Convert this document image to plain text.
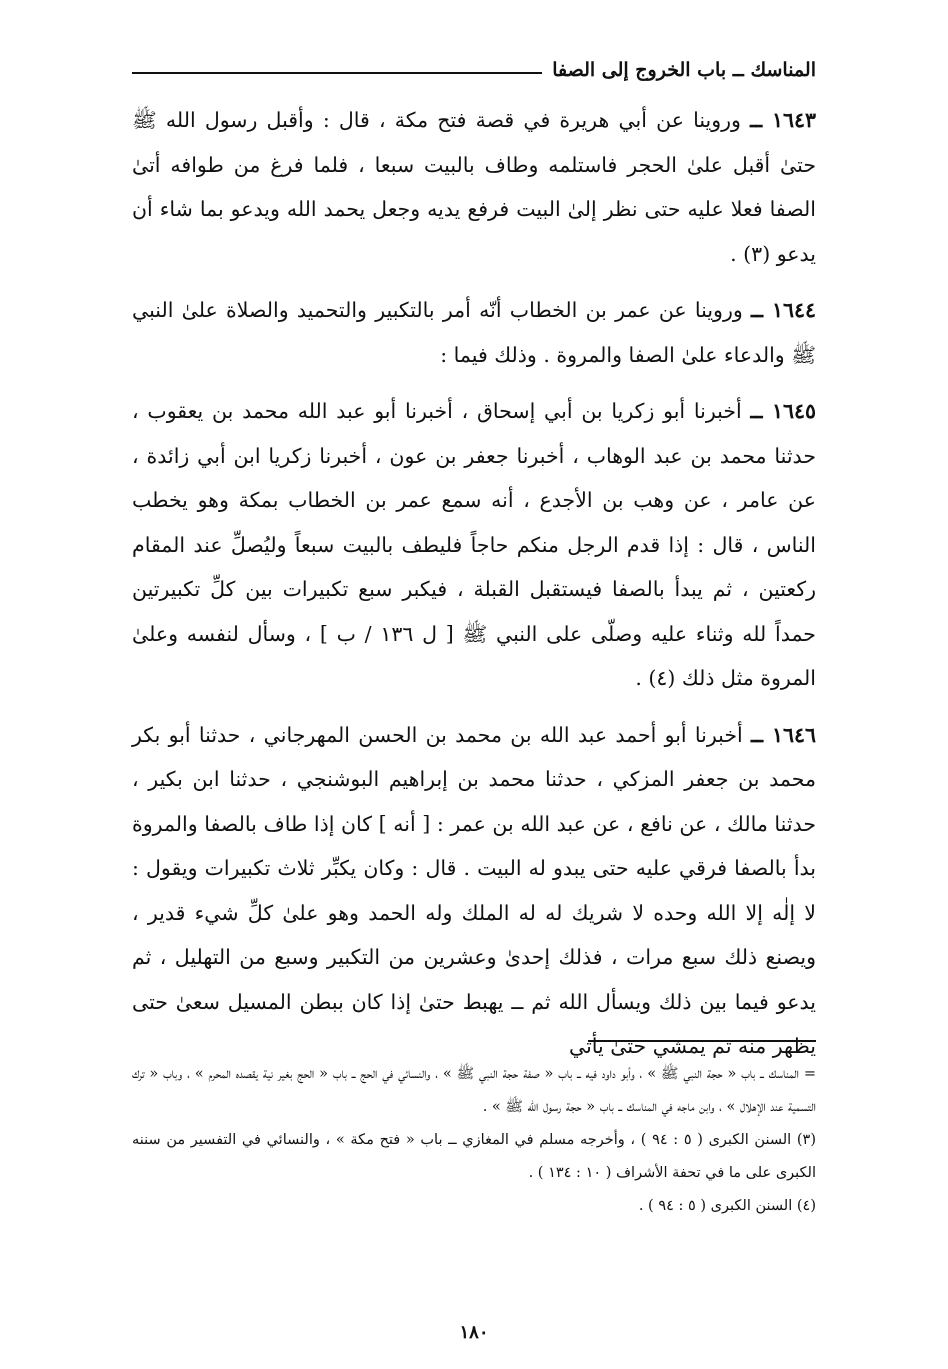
المناسك ــ باب الخروج إلى الصفا

١٦٤٣ ــ وروينا عن أبي هريرة في قصة فتح مكة ، قال : وأقبل رسول الله ﷺ حتىٰ أقبل علىٰ الحجر فاستلمه وطاف بالبيت سبعا ، فلما فرغ من طوافه أتىٰ الصفا فعلا عليه حتى نظر إلىٰ البيت فرفع يديه وجعل يحمد الله ويدعو بما شاء أن يدعو (٣) .

١٦٤٤ ــ وروينا عن عمر بن الخطاب أنّه أمر بالتكبير والتحميد والصلاة علىٰ النبي ﷺ والدعاء علىٰ الصفا والمروة . وذلك فيما :

١٦٤٥ ــ أخبرنا أبو زكريا بن أبي إسحاق ، أخبرنا أبو عبد الله محمد بن يعقوب ، حدثنا محمد بن عبد الوهاب ، أخبرنا جعفر بن عون ، أخبرنا زكريا ابن أبي زائدة ، عن عامر ، عن وهب بن الأجدع ، أنه سمع عمر بن الخطاب بمكة وهو يخطب الناس ، قال : إذا قدم الرجل منكم حاجاً فليطف بالبيت سبعاً وليُصلِّ عند المقام ركعتين ، ثم يبدأ بالصفا فيستقبل القبلة ، فيكبر سبع تكبيرات بين كلِّ تكبيرتين حمداً لله وثناء عليه وصلّى على النبي ﷺ [ ل ١٣٦ / ب ] ، وسأل لنفسه وعلىٰ المروة مثل ذلك (٤) .

١٦٤٦ ــ أخبرنا أبو أحمد عبد الله بن محمد بن الحسن المهرجاني ، حدثنا أبو بكر محمد بن جعفر المزكي ، حدثنا محمد بن إبراهيم البوشنجي ، حدثنا ابن بكير ، حدثنا مالك ، عن نافع ، عن عبد الله بن عمر : [ أنه ] كان إذا طاف بالصفا والمروة بدأ بالصفا فرقي عليه حتى يبدو له البيت . قال : وكان يكبِّر ثلاث تكبيرات ويقول : لا إلٰه إلا الله وحده لا شريك له له الملك وله الحمد وهو علىٰ كلِّ شيء قدير ، ويصنع ذلك سبع مرات ، فذلك إحدىٰ وعشرين من التكبير وسبع من التهليل ، ثم يدعو فيما بين ذلك ويسأل الله ثم ــ يهبط حتىٰ إذا كان ببطن المسيل سعىٰ حتى يظهر منه ثم يمشي حتىٰ يأتي

= المناسك ــ باب « حجة النبي ﷺ » ، وأبو داود فيه ــ باب « صفة حجة النبي ﷺ » ، والنسائي في الحج ــ باب « الحج بغير نية يقصده المحرم » ، وباب « ترك التسمية عند الإهلال » ، وابن ماجه في المناسك ــ باب « حجة رسول الله ﷺ » .

(٣) السنن الكبرى ( ٥ : ٩٤ ) ، وأخرجه مسلم في المغازي ــ باب « فتح مكة » ، والنسائي في التفسير من سننه الكبرى على ما في تحفة الأشراف ( ١٠ : ١٣٤ ) .

(٤) السنن الكبرى ( ٥ : ٩٤ ) .

١٨٠
